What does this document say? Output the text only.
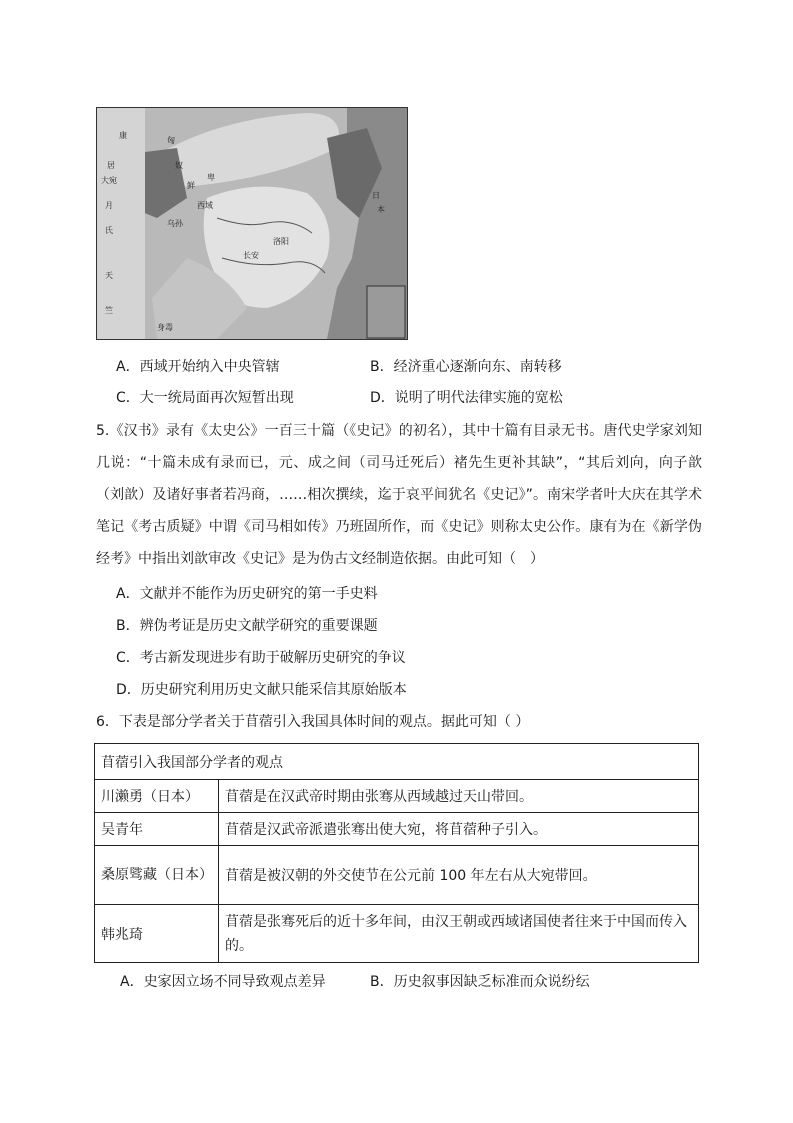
康
居
大宛
月
氏
天
竺
匈
奴
鲜
卑
洛阳
长安
乌孙
西域
日
本
身毒
A．西域开始纳入中央管辖	B．经济重心逐渐向东、南转移
C．大一统局面再次短暂出现	D．说明了明代法律实施的宽松
5.《汉书》录有《太史公》一百三十篇（《史记》的初名），其中十篇有目录无书。唐代史学家刘知几说：“十篇未成有录而已，元、成之间（司马迁死后）褚先生更补其缺”，“其后刘向，向子歆（刘歆）及诸好事者若冯商，……相次撰续，迄于哀平间犹名《史记》”。南宋学者叶大庆在其学术笔记《考古质疑》中谓《司马相如传》乃班固所作，而《史记》则称太史公作。康有为在《新学伪经考》中指出刘歆审改《史记》是为伪古文经制造依据。由此可知（　）
A．文献并不能作为历史研究的第一手史料
B．辨伪考证是历史文献学研究的重要课题
C．考古新发现进步有助于破解历史研究的争议
D．历史研究利用历史文献只能采信其原始版本
6．下表是部分学者关于苜蓿引入我国具体时间的观点。据此可知（ ）
苜蓿引入我国部分学者的观点	
川濑勇（日本）	苜蓿是在汉武帝时期由张骞从西域越过天山带回。
吴青年	苜蓿是汉武帝派遣张骞出使大宛，将苜蓿种子引入。
桑原骘藏（日本）	苜蓿是被汉朝的外交使节在公元前 100 年左右从大宛带回。
韩兆琦	苜蓿是张骞死后的近十多年间，由汉王朝或西域诸国使者往来于中国而传入的。
A．史家因立场不同导致观点差异	B．历史叙事因缺乏标准而众说纷纭
